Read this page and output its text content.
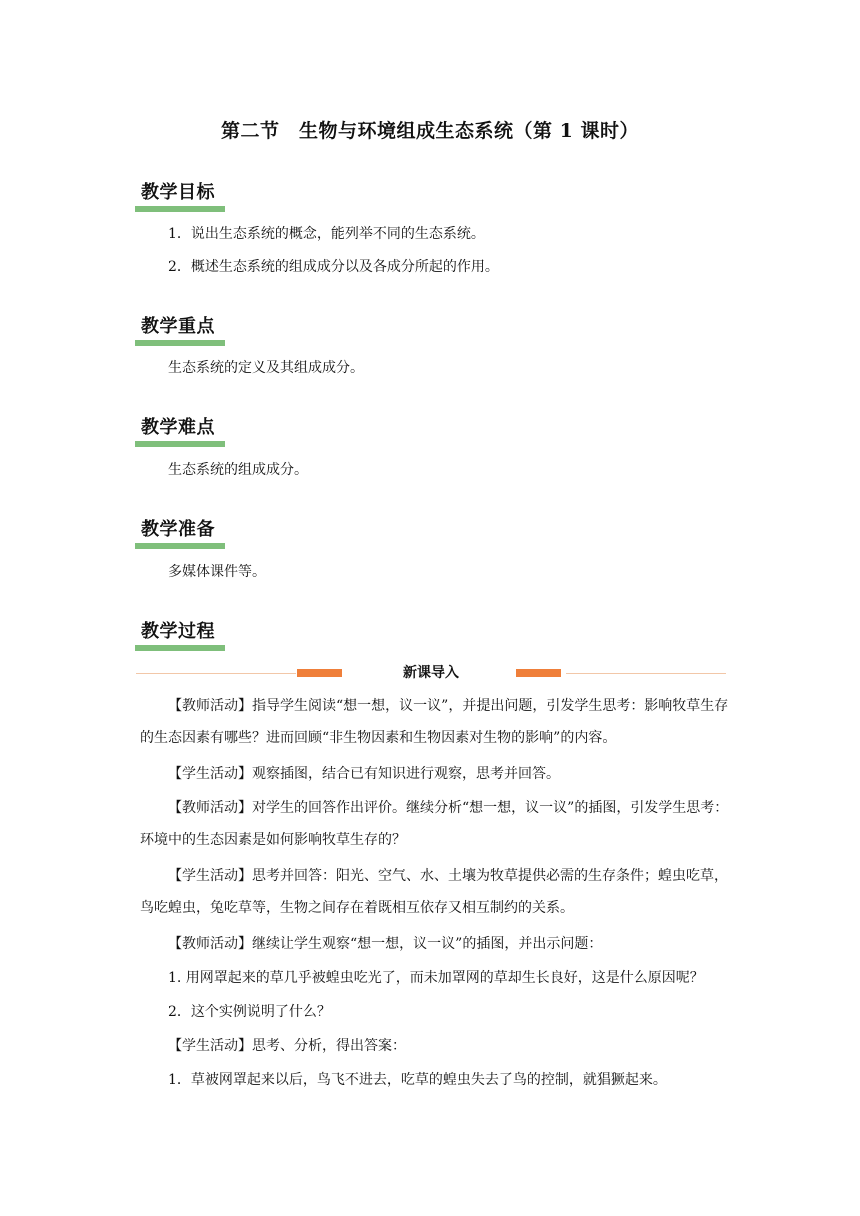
第二节　生物与环境组成生态系统（第 1 课时）
教学目标
1．说出生态系统的概念，能列举不同的生态系统。
2．概述生态系统的组成成分以及各成分所起的作用。
教学重点
生态系统的定义及其组成成分。
教学难点
生态系统的组成成分。
教学准备
多媒体课件等。
教学过程
新课导入
【教师活动】指导学生阅读“想一想，议一议”，并提出问题，引发学生思考：影响牧草生存的生态因素有哪些？进而回顾“非生物因素和生物因素对生物的影响”的内容。
【学生活动】观察插图，结合已有知识进行观察，思考并回答。
【教师活动】对学生的回答作出评价。继续分析“想一想，议一议”的插图，引发学生思考：环境中的生态因素是如何影响牧草生存的？
【学生活动】思考并回答：阳光、空气、水、土壤为牧草提供必需的生存条件；蝗虫吃草，鸟吃蝗虫，兔吃草等，生物之间存在着既相互依存又相互制约的关系。
【教师活动】继续让学生观察“想一想，议一议”的插图，并出示问题：
1. 用网罩起来的草几乎被蝗虫吃光了，而未加罩网的草却生长良好，这是什么原因呢？
2．这个实例说明了什么？
【学生活动】思考、分析，得出答案：
1．草被网罩起来以后，鸟飞不进去，吃草的蝗虫失去了鸟的控制，就猖獗起来。
